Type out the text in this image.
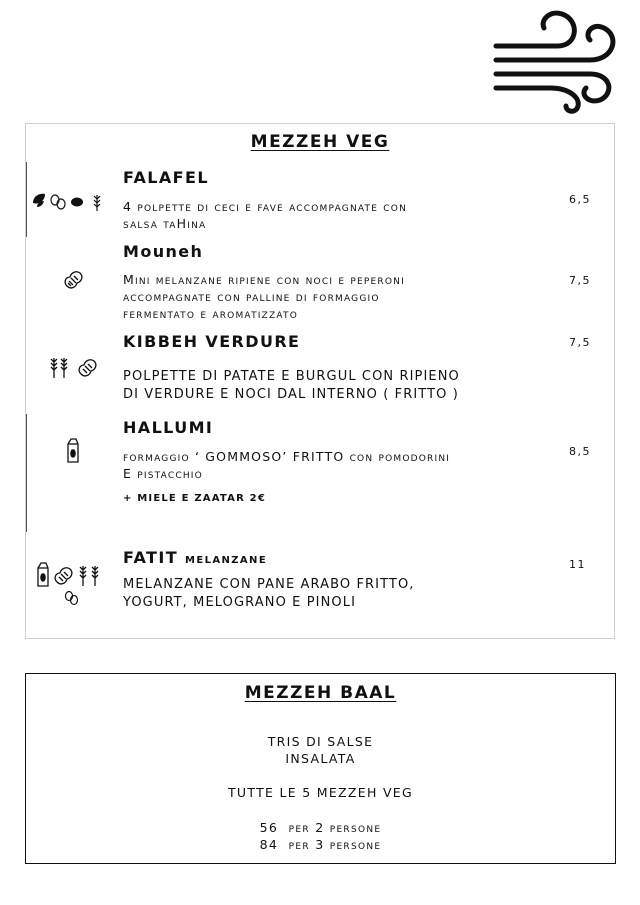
MEZZEH VEG
FALAFEL
4 polpette di ceci e fave accompagnate con
salsa taHina
6,5
Mouneh
Mini melanzane ripiene con noci e peperoni
accompagnate con palline di formaggio
fermentato e aromatizzato
7,5
KIBBEH VERDURE
POLPETTE DI PATATE E BURGUL CON RIPIENO
DI VERDURE E NOCI DAL INTERNO ( FRITTO )
7,5
HALLUMI
formaggio ‘ GOMMOSO’ FRITTO con pomodorini
E pistacchio
+ MIELE E ZAATAR 2€
8,5
FATIT melanzane
MELANZANE CON PANE ARABO FRITTO,
YOGURT, MELOGRANO E PINOLI
11
MEZZEH BAAL
TRIS DI SALSE
INSALATA
TUTTE LE 5 MEZZEH VEG
56 per 2 persone
84 per 3 persone
